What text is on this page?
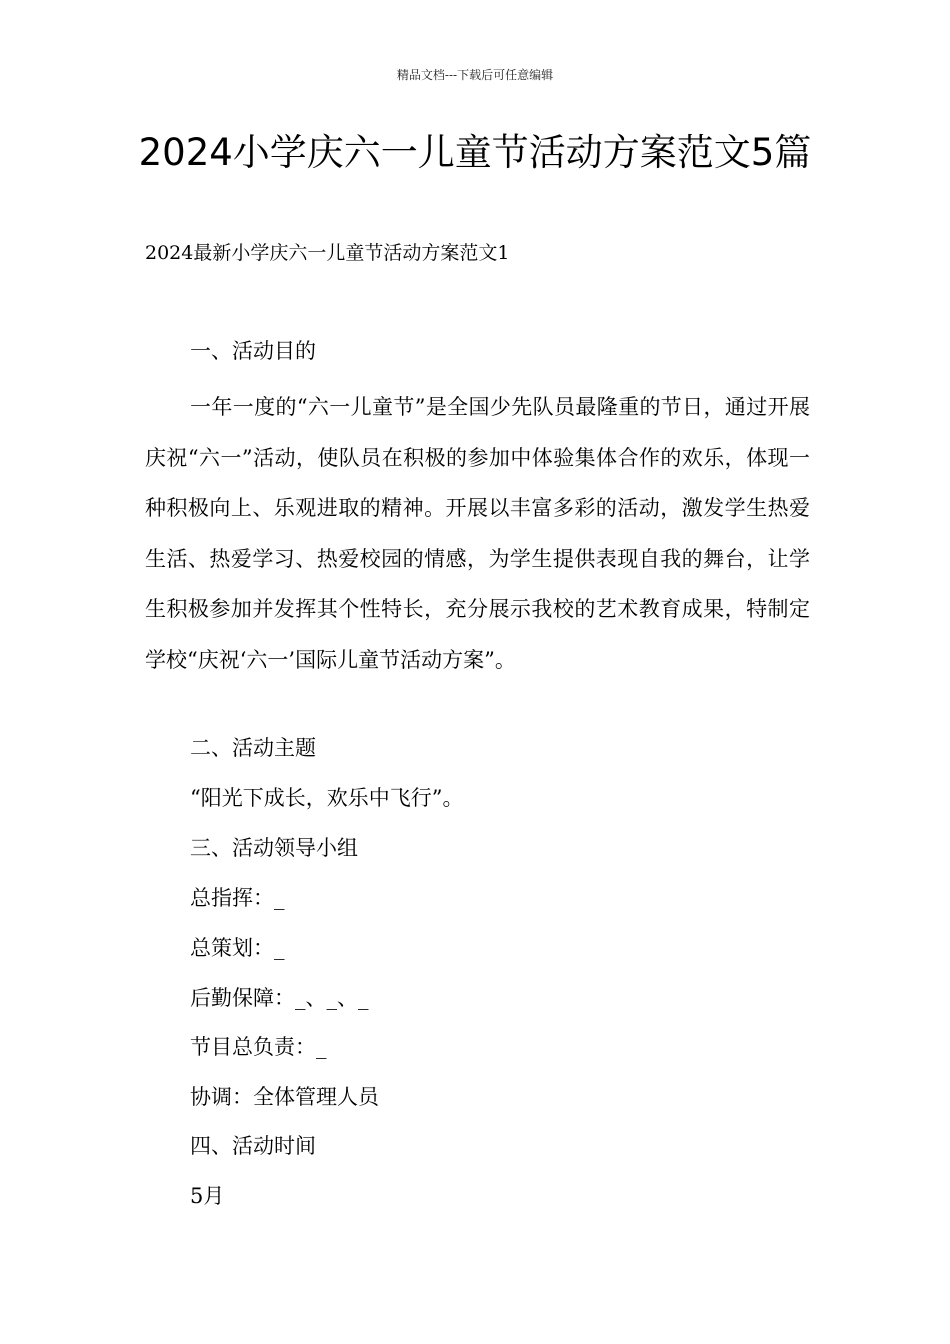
精品文档---下载后可任意编辑
2024小学庆六一儿童节活动方案范文5篇
2024最新小学庆六一儿童节活动方案范文1
一、活动目的

一年一度的“六一儿童节”是全国少先队员最隆重的节日，通过开展庆祝“六一”活动，使队员在积极的参加中体验集体合作的欢乐，体现一种积极向上、乐观进取的精神。开展以丰富多彩的活动，激发学生热爱生活、热爱学习、热爱校园的情感，为学生提供表现自我的舞台，让学生积极参加并发挥其个性特长，充分展示我校的艺术教育成果，特制定学校“庆祝‘六一’国际儿童节活动方案”。

二、活动主题
“阳光下成长，欢乐中飞行”。
三、活动领导小组
总指挥：_
总策划：_
后勤保障：_、_、_
节目总负责：_
协调：全体管理人员
四、活动时间
5月
